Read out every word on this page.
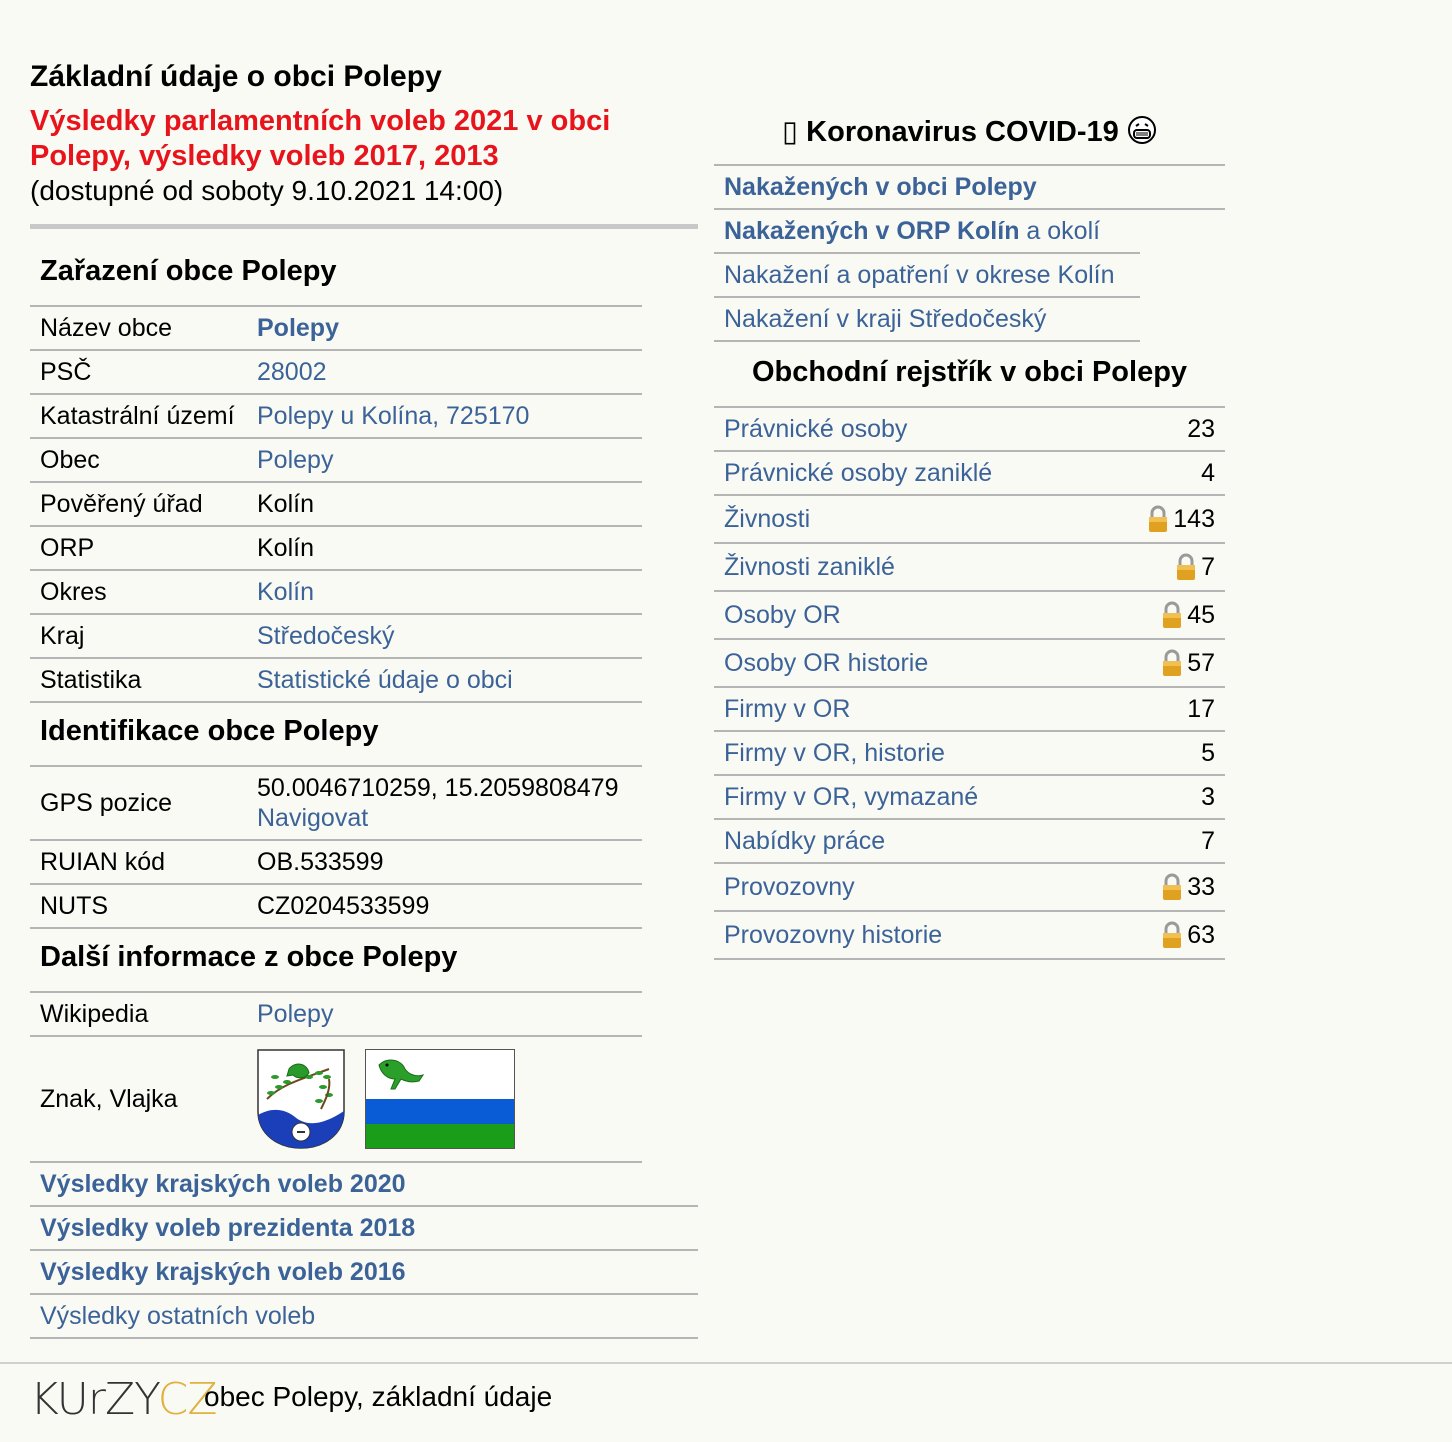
Základní údaje o obci Polepy
Výsledky parlamentních voleb 2021 v obci Polepy, výsledky voleb 2017, 2013
(dostupné od soboty 9.10.2021 14:00)
Zařazení obce Polepy
Název obce	Polepy
PSČ	28002
Katastrální území	Polepy u Kolína, 725170
Obec	Polepy
Pověřený úřad	Kolín
ORP	Kolín
Okres	Kolín
Kraj	Středočeský
Statistika	Statistické údaje o obci
Identifikace obce Polepy
GPS pozice	50.0046710259, 15.2059808479
Navigovat
RUIAN kód	OB.533599
NUTS	CZ0204533599
Další informace z obce Polepy
Wikipedia	Polepy
Znak, Vlajka	
Výsledky krajských voleb 2020
Výsledky voleb prezidenta 2018
Výsledky krajských voleb 2016
Výsledky ostatních voleb
▯ Koronavirus COVID-19
Nakažených v obci Polepy
Nakažených v ORP Kolín a okolí
Nakažení a opatření v okrese Kolín
Nakažení v kraji Středočeský
Obchodní rejstřík v obci Polepy
Právnické osoby	23
Právnické osoby zaniklé	4
Živnosti	143
Živnosti zaniklé	7
Osoby OR	45
Osoby OR historie	57
Firmy v OR	17
Firmy v OR, historie	5
Firmy v OR, vymazané	3
Nabídky práce	7
Provozovny	33
Provozovny historie	63
KUrZYCZ
obec Polepy, základní údaje
